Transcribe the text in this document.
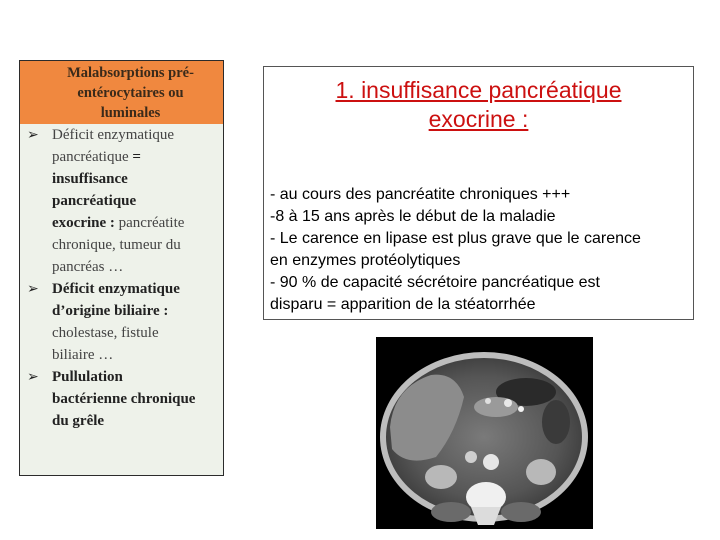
Malabsorptions pré-
entérocytaires ou
luminales
➢ Déficit enzymatique
pancréatique =
insuffisance
pancréatique
exocrine : pancréatite
chronique, tumeur du
pancréas …
➢ Déficit enzymatique
d’origine biliaire :
cholestase, fistule
biliaire …
➢ Pullulation
bactérienne chronique
du grêle
1. insuffisance pancréatique
exocrine :
- au cours des pancréatite chroniques +++
-8 à 15 ans après le début de la maladie
- Le carence en lipase est plus grave que le carence
en enzymes protéolytiques
- 90 % de capacité sécrétoire pancréatique est
disparu = apparition de la stéatorrhée
